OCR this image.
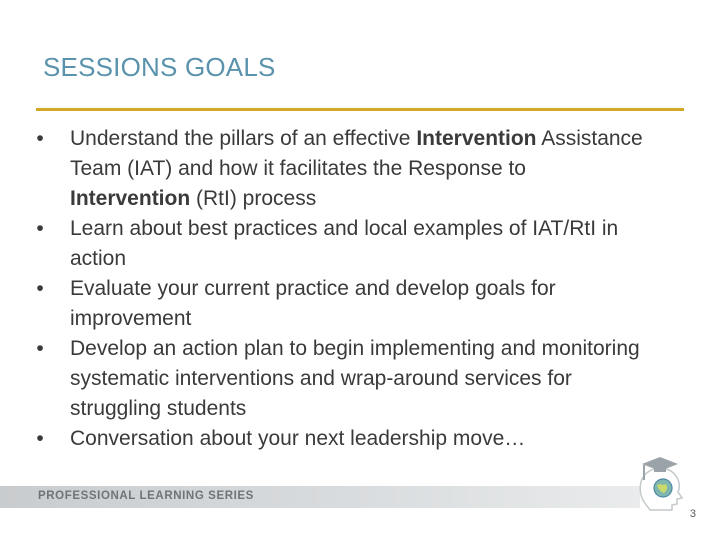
SESSIONS GOALS
• Understand the pillars of an effective Intervention Assistance Team (IAT) and how it facilitates the Response to Intervention (RtI) process
• Learn about best practices and local examples of IAT/RtI in action
• Evaluate your current practice and develop goals for improvement
• Develop an action plan to begin implementing and monitoring systematic interventions and wrap-around services for struggling students
• Conversation about your next leadership move…
PROFESSIONAL LEARNING SERIES
3
